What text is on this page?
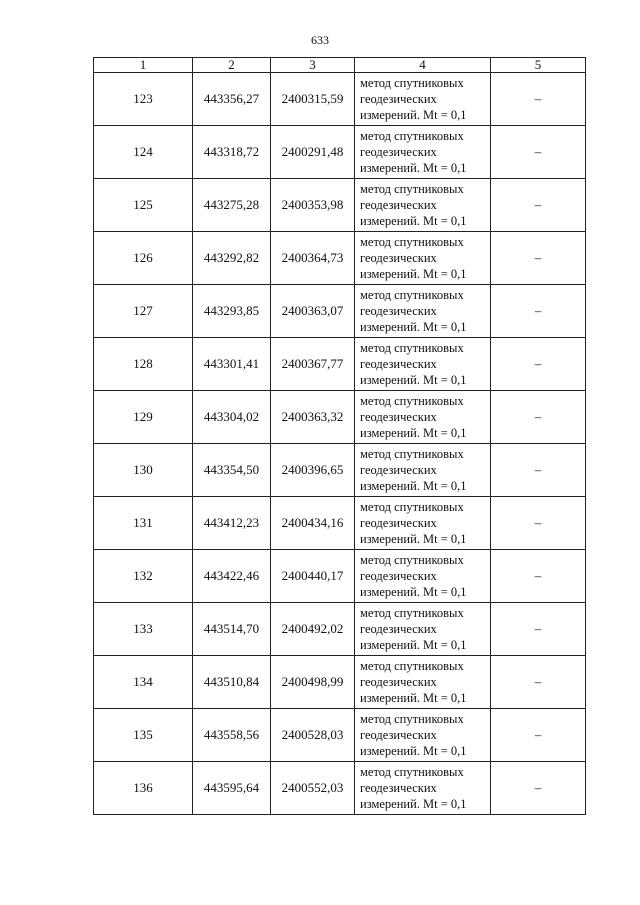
633
1	2	3	4	5
123	443356,27	2400315,59	метод спутниковых
геодезических
измерений. Mt = 0,1	–
124	443318,72	2400291,48	метод спутниковых
геодезических
измерений. Mt = 0,1	–
125	443275,28	2400353,98	метод спутниковых
геодезических
измерений. Mt = 0,1	–
126	443292,82	2400364,73	метод спутниковых
геодезических
измерений. Mt = 0,1	–
127	443293,85	2400363,07	метод спутниковых
геодезических
измерений. Mt = 0,1	–
128	443301,41	2400367,77	метод спутниковых
геодезических
измерений. Mt = 0,1	–
129	443304,02	2400363,32	метод спутниковых
геодезических
измерений. Mt = 0,1	–
130	443354,50	2400396,65	метод спутниковых
геодезических
измерений. Mt = 0,1	–
131	443412,23	2400434,16	метод спутниковых
геодезических
измерений. Mt = 0,1	–
132	443422,46	2400440,17	метод спутниковых
геодезических
измерений. Mt = 0,1	–
133	443514,70	2400492,02	метод спутниковых
геодезических
измерений. Mt = 0,1	–
134	443510,84	2400498,99	метод спутниковых
геодезических
измерений. Mt = 0,1	–
135	443558,56	2400528,03	метод спутниковых
геодезических
измерений. Mt = 0,1	–
136	443595,64	2400552,03	метод спутниковых
геодезических
измерений. Mt = 0,1	–
